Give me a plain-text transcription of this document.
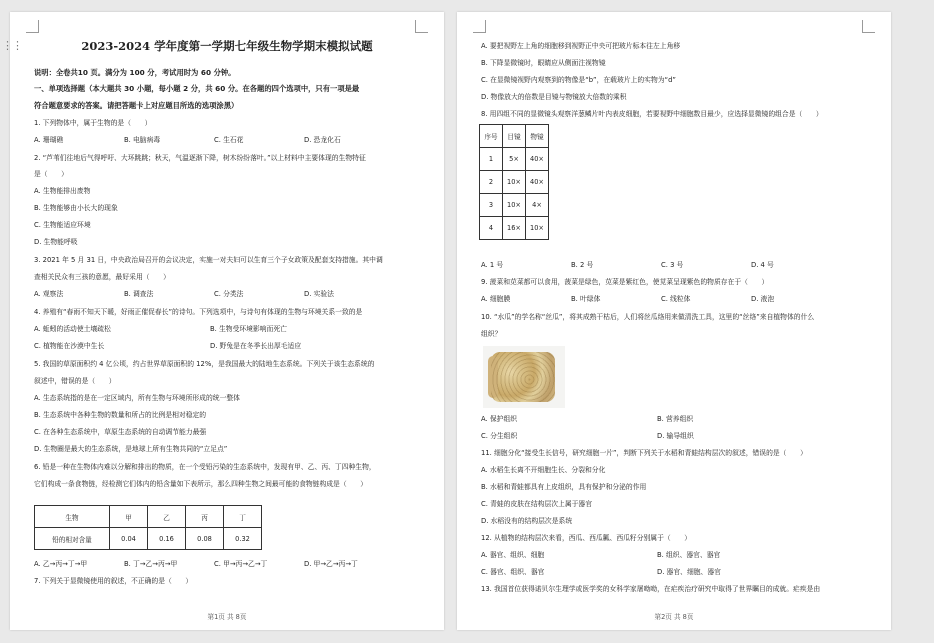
⋮⋮	2023-2024 学年度第一学期七年级生物学期末模拟试题
说明：全卷共10 页。满分为 100 分，考试用时为 60 分钟。
一、单项选择题（本大题共 30 小题，每小题 2 分，共 60 分。在各题的四个选项中，只有一项是最
符合题意要求的答案。请把答题卡上对应题目所选的选项涂黑）
1. 下列物体中，属于生物的是（　　）
A. 珊瑚礁	B. 电脑病毒	C. 生石花	D. 恐龙化石
2. “芦苇们往地后气得呼吁、大环跳跳；秋天，气温逐渐下降，树木纷纷落叶。”以上材料中主要体现的生物特征
是（　　）
A. 生物能排出废物
B. 生物能够由小长大的现象
C. 生物能适应环境
D. 生物能呼吸
3. 2021 年 5 月 31 日，中央政治局召开的会议决定，实施一对夫妇可以生育三个子女政策及配套支持措施。其中调
查相关民众有三孩的意愿，最好采用（　　）
A. 观察法	B. 调查法	C. 分类法	D. 实验法
4. 养殖有“春雨不知天下暖，好雨正催促春长”的诗句。下列选项中，与诗句有体现的生物与环境关系一致的是
A. 蚯蚓的活动使土壤疏松	B. 生物受环境影响而死亡
C. 植物能在沙漠中生长	D. 野兔是在冬季长出厚毛适应
5. 我国的草原面积约 4 亿公顷，约占世界草原面积的 12%，是我国最大的陆地生态系统。下列关于该生态系统的
叙述中，错误的是（　　）
A. 生态系统指的是在一定区域内，所有生物与环境所形成的统一整体
B. 生态系统中各种生物的数量和所占的比例是相对稳定的
C. 在各种生态系统中，草原生态系统的自动调节能力最强
D. 生物圈是最大的生态系统，是地球上所有生物共同的“立足点”
6. 铅是一种在生物体内难以分解和排出的物质，在一个受铅污染的生态系统中，发现有甲、乙、丙、丁四种生物，
它们构成一条食物链，经检测它们体内的铅含量如下表所示，那么四种生物之间最可能的食物链构成是（　　）
生物	甲	乙	丙	丁
铅的相对含量	0.04	0.16	0.08	0.32
A. 乙→丙→丁→甲	B. 丁→乙→丙→甲	C. 甲→丙→乙→丁	D. 甲→乙→丙→丁
7. 下列关于显微镜使用的叙述，不正确的是（　　）
第1页 共 8页
A. 要把视野左上角的细胞移到视野正中央可把玻片标本往左上角移
B. 下降显微镜时，眼睛应从侧面注视物镜
C. 在显微镜视野内观察到的物像是“b”，在载玻片上的实物为“d”
D. 物像放大的倍数是目镜与物镜放大倍数的乘积
8. 用四组不同的显微镜头观察洋葱鳞片叶内表皮细胞，若要视野中细胞数目最少，应选择显微镜的组合是（　　）
序号	目镜	物镜
1	5×	40×
2	10×	40×
3	10×	4×
4	16×	10×
A. 1 号	B. 2 号	C. 3 号	D. 4 号
9. 菠菜和苋菜都可以食用，菠菜是绿色，苋菜是紫红色，使苋菜呈现紫色的物质存在于（　　）
A. 细胞膜	B. 叶绿体	C. 线粒体	D. 液泡
10. “水瓜”的学名称“丝瓜”，将其成熟干枯后，人们将丝瓜络用来做清洗工具，这里的“丝络”来自植物体的什么
组织？
A. 保护组织	B. 营养组织
C. 分生组织	D. 输导组织
11. 细胞分化“接受生长信号，研究细胞一片”，判断下列关于水稻和青蛙结构层次的叙述，错误的是（　　）
A. 水稻生长离不开细胞生长、分裂和分化
B. 水稻和青蛙都具有上皮组织，具有保护和分泌的作用
C. 青蛙的皮肤在结构层次上属于器官
D. 水稻没有的结构层次是系统
12. 从植物的结构层次来看，西瓜、西瓜瓤、西瓜籽分别属于（　　）
A. 器官、组织、细胞	B. 组织、器官、器官
C. 器官、组织、器官	D. 器官、细胞、器官
13. 我国首位获得诺贝尔生理学或医学奖的女科学家屠呦呦，在疟疾治疗研究中取得了世界瞩目的成就。疟疾是由
第2页 共 8页
